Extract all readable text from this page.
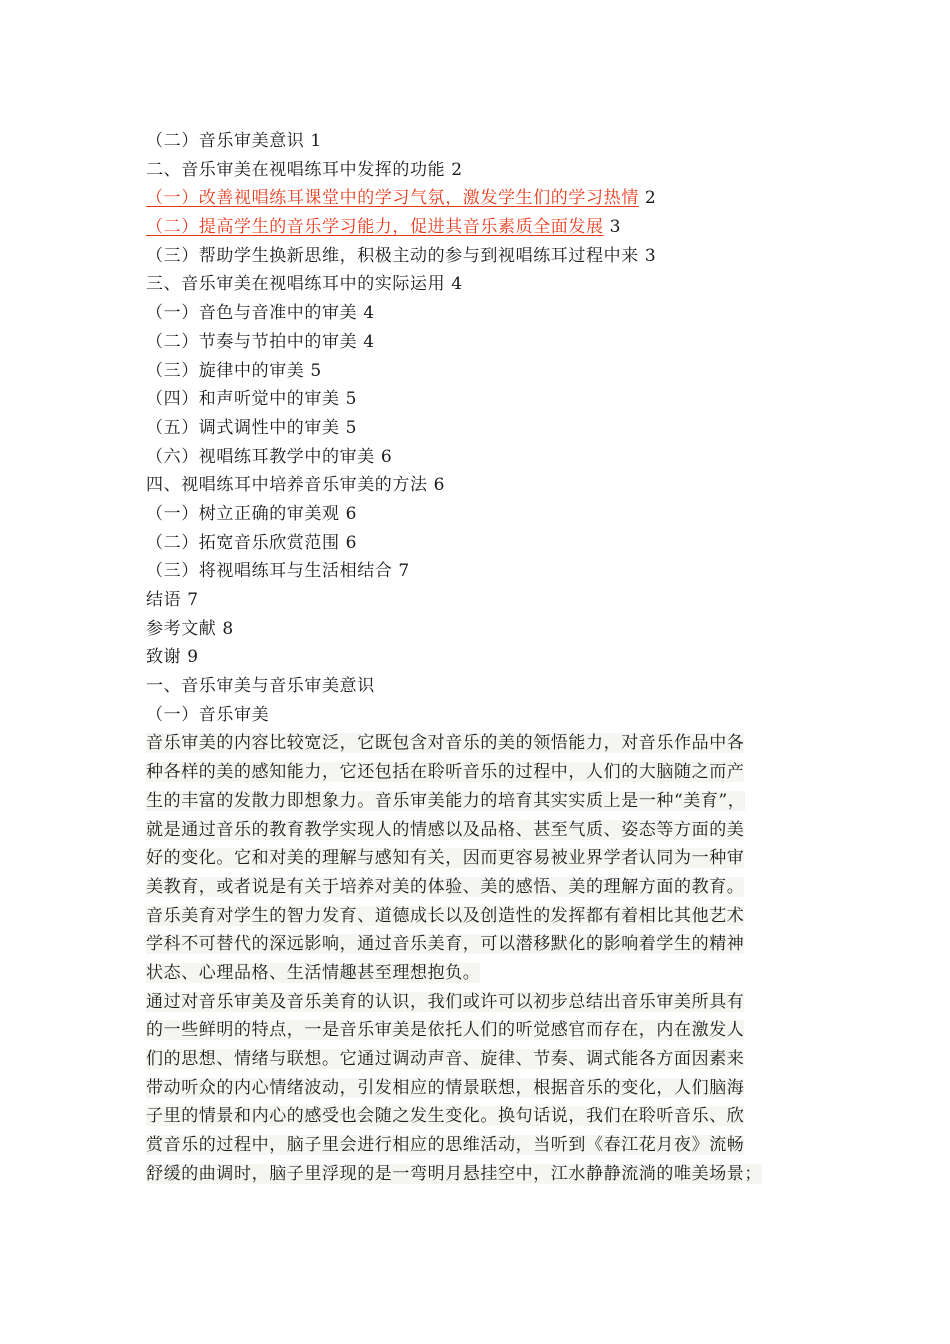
（二）音乐审美意识 1
二、音乐审美在视唱练耳中发挥的功能 2
（一）改善视唱练耳课堂中的学习气氛，激发学生们的学习热情 2
（二）提高学生的音乐学习能力，促进其音乐素质全面发展 3
（三）帮助学生换新思维，积极主动的参与到视唱练耳过程中来 3
三、音乐审美在视唱练耳中的实际运用 4
（一）音色与音准中的审美 4
（二）节奏与节拍中的审美 4
（三）旋律中的审美 5
（四）和声听觉中的审美 5
（五）调式调性中的审美 5
（六）视唱练耳教学中的审美 6
四、视唱练耳中培养音乐审美的方法 6
（一）树立正确的审美观 6
（二）拓宽音乐欣赏范围 6
（三）将视唱练耳与生活相结合 7
结语 7
参考文献 8
致谢 9
一、音乐审美与音乐审美意识
（一）音乐审美
音乐审美的内容比较宽泛，它既包含对音乐的美的领悟能力，对音乐作品中各
种各样的美的感知能力，它还包括在聆听音乐的过程中，人们的大脑随之而产
生的丰富的发散力即想象力。音乐审美能力的培育其实实质上是一种“美育”，
就是通过音乐的教育教学实现人的情感以及品格、甚至气质、姿态等方面的美
好的变化。它和对美的理解与感知有关，因而更容易被业界学者认同为一种审
美教育，或者说是有关于培养对美的体验、美的感悟、美的理解方面的教育。
音乐美育对学生的智力发育、道德成长以及创造性的发挥都有着相比其他艺术
学科不可替代的深远影响，通过音乐美育，可以潜移默化的影响着学生的精神
状态、心理品格、生活情趣甚至理想抱负。
通过对音乐审美及音乐美育的认识，我们或许可以初步总结出音乐审美所具有
的一些鲜明的特点，一是音乐审美是依托人们的听觉感官而存在，内在激发人
们的思想、情绪与联想。它通过调动声音、旋律、节奏、调式能各方面因素来
带动听众的内心情绪波动，引发相应的情景联想，根据音乐的变化，人们脑海
子里的情景和内心的感受也会随之发生变化。换句话说，我们在聆听音乐、欣
赏音乐的过程中，脑子里会进行相应的思维活动，当听到《春江花月夜》流畅
舒缓的曲调时，脑子里浮现的是一弯明月悬挂空中，江水静静流淌的唯美场景；
